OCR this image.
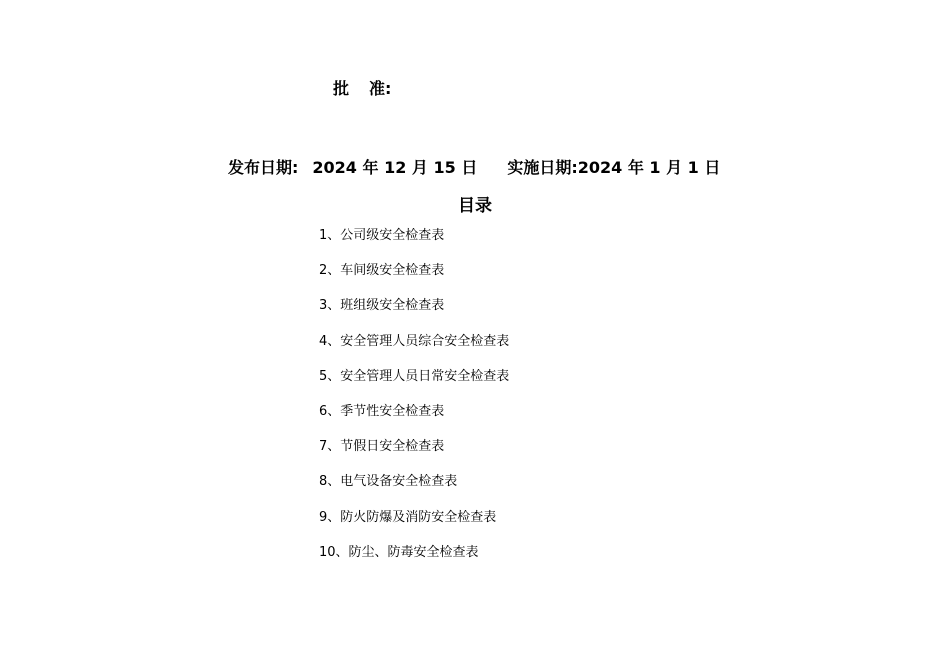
批 准:
发布日期: 2024 年 12 月 15 日 实施日期:2024 年 1 月 1 日
目录
1、公司级安全检查表
2、车间级安全检查表
3、班组级安全检查表
4、安全管理人员综合安全检查表
5、安全管理人员日常安全检查表
6、季节性安全检查表
7、节假日安全检查表
8、电气设备安全检查表
9、防火防爆及消防安全检查表
10、防尘、防毒安全检查表
